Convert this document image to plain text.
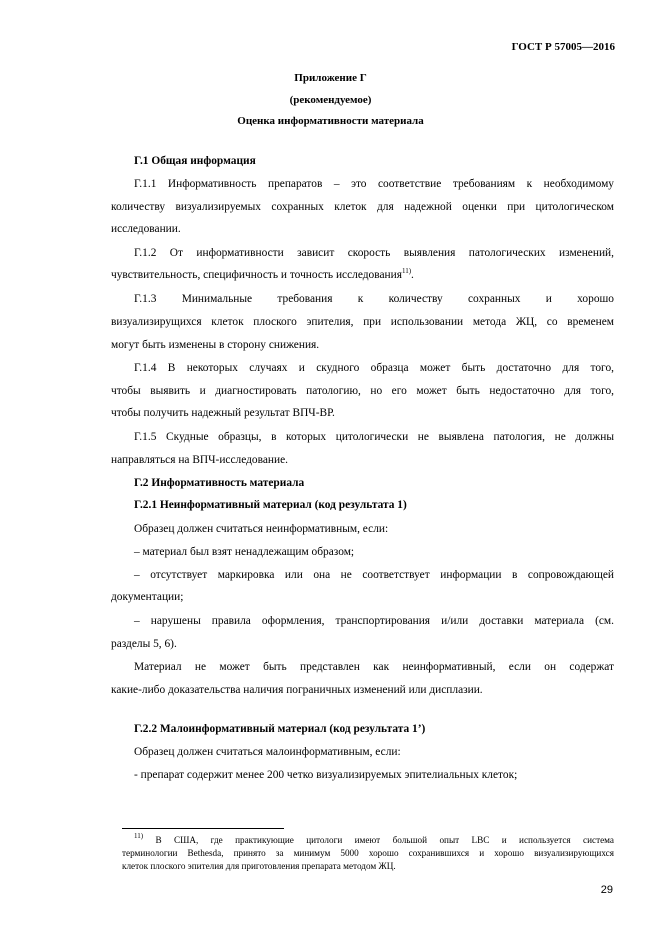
ГОСТ Р 57005—2016
Приложение Г
(рекомендуемое)
Оценка информативности материала
Г.1 Общая информация
Г.1.1 Информативность препаратов – это соответствие требованиям к необходимому
количеству визуализируемых сохранных клеток для надежной оценки при цитологическом
исследовании.
Г.1.2 От информативности зависит скорость выявления патологических изменений,
чувствительность, специфичность и точность исследования$^{11)}$.
Г.1.3 Минимальные требования к количеству сохранных и хорошо
визуализирущихся клеток плоского эпителия, при использовании метода ЖЦ, со временем
могут быть изменены в сторону снижения.
Г.1.4 В некоторых случаях и скудного образца может быть достаточно для того,
чтобы выявить и диагностировать патологию, но его может быть недостаточно для того,
чтобы получить надежный результат ВПЧ-ВР.
Г.1.5 Скудные образцы, в которых цитологически не выявлена патология, не должны
направляться на ВПЧ-исследование.
Г.2 Информативность материала
Г.2.1 Неинформативный материал (код результата 1)
Образец должен считаться неинформативным, если:
– материал был взят ненадлежащим образом;
– отсутствует маркировка или она не соответствует информации в сопровождающей
документации;
– нарушены правила оформления, транспортирования и/или доставки материала (см.
разделы 5, 6).
Материал не может быть представлен как неинформативный, если он содержат
какие-либо доказательства наличия пограничных изменений или дисплазии.
Г.2.2 Малоинформативный материал (код результата 1’)
Образец должен считаться малоинформативным, если:
- препарат содержит менее 200 четко визуализируемых эпителиальных клеток;
$^{11)}$ В США, где практикующие цитологи имеют большой опыт LBC и используется система
терминологии Bethesda, принято за минимум 5000 хорошо сохранившихся и хорошо визуализирующихся
клеток плоского эпителия для приготовления препарата методом ЖЦ.
29
